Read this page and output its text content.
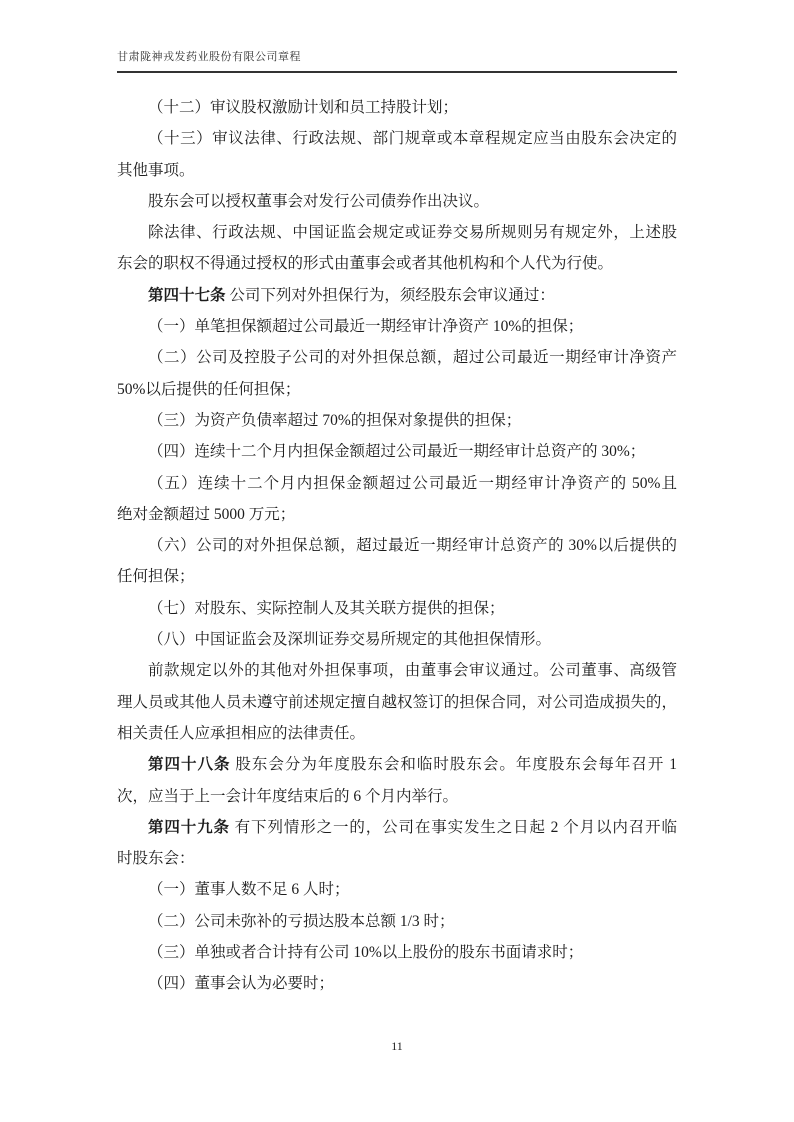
甘肃陇神戎发药业股份有限公司章程
（十二）审议股权激励计划和员工持股计划；
（十三）审议法律、行政法规、部门规章或本章程规定应当由股东会决定的
其他事项。
股东会可以授权董事会对发行公司债券作出决议。
除法律、行政法规、中国证监会规定或证券交易所规则另有规定外，上述股
东会的职权不得通过授权的形式由董事会或者其他机构和个人代为行使。
第四十七条 公司下列对外担保行为，须经股东会审议通过：
（一）单笔担保额超过公司最近一期经审计净资产 10%的担保；
（二）公司及控股子公司的对外担保总额，超过公司最近一期经审计净资产
50%以后提供的任何担保；
（三）为资产负债率超过 70%的担保对象提供的担保；
（四）连续十二个月内担保金额超过公司最近一期经审计总资产的 30%；
（五）连续十二个月内担保金额超过公司最近一期经审计净资产的 50%且
绝对金额超过 5000 万元；
（六）公司的对外担保总额，超过最近一期经审计总资产的 30%以后提供的
任何担保；
（七）对股东、实际控制人及其关联方提供的担保；
（八）中国证监会及深圳证券交易所规定的其他担保情形。
前款规定以外的其他对外担保事项，由董事会审议通过。公司董事、高级管
理人员或其他人员未遵守前述规定擅自越权签订的担保合同，对公司造成损失的，
相关责任人应承担相应的法律责任。
第四十八条 股东会分为年度股东会和临时股东会。年度股东会每年召开 1
次，应当于上一会计年度结束后的 6 个月内举行。
第四十九条 有下列情形之一的，公司在事实发生之日起 2 个月以内召开临
时股东会：
（一）董事人数不足 6 人时；
（二）公司未弥补的亏损达股本总额 1/3 时；
（三）单独或者合计持有公司 10%以上股份的股东书面请求时；
（四）董事会认为必要时；
11
